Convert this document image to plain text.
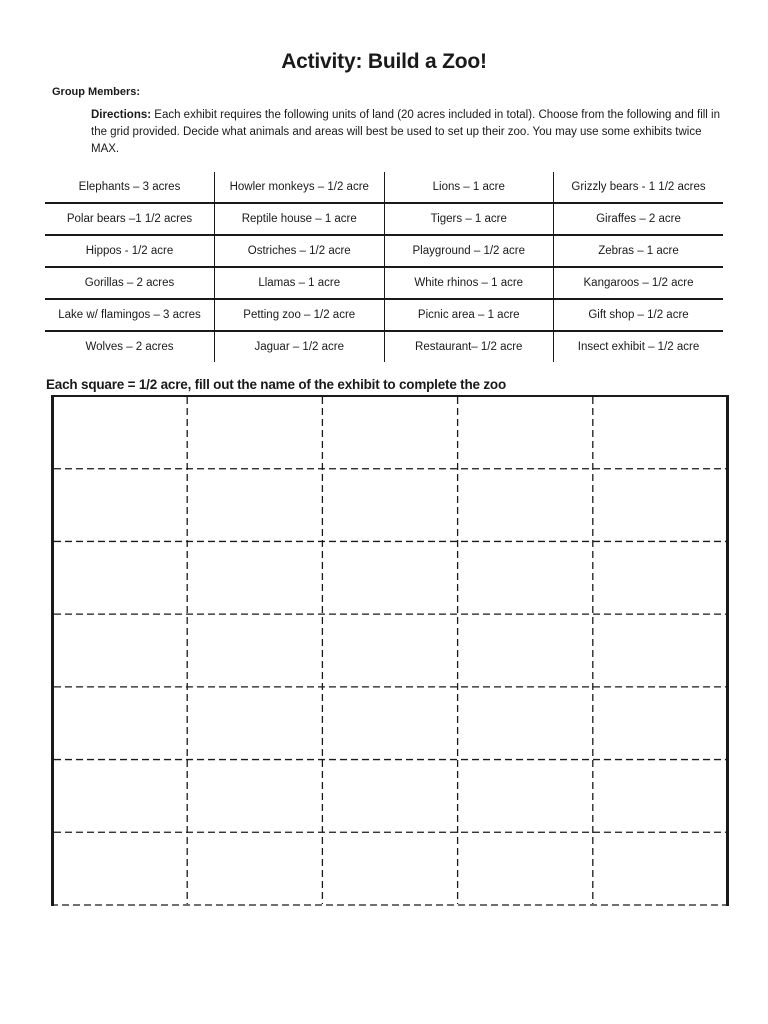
Activity: Build a Zoo!
Group Members:
Directions: Each exhibit requires the following units of land (20 acres included in total). Choose from the following and fill in the grid provided. Decide what animals and areas will best be used to set up their zoo. You may use some exhibits twice MAX.
Elephants – 3 acres	Howler monkeys – 1/2 acre	Lions – 1 acre	Grizzly bears - 1 1/2 acres
Polar bears –1 1/2 acres	Reptile house – 1 acre	Tigers – 1 acre	Giraffes – 2 acre
Hippos - 1/2 acre	Ostriches – 1/2 acre	Playground – 1/2 acre	Zebras – 1 acre
Gorillas – 2 acres	Llamas – 1 acre	White rhinos – 1 acre	Kangaroos – 1/2 acre
Lake w/ flamingos – 3 acres	Petting zoo – 1/2 acre	Picnic area – 1 acre	Gift shop – 1/2 acre
Wolves – 2 acres	Jaguar – 1/2 acre	Restaurant– 1/2 acre	Insect exhibit – 1/2 acre
Each square = 1/2 acre, fill out the name of the exhibit to complete the zoo
